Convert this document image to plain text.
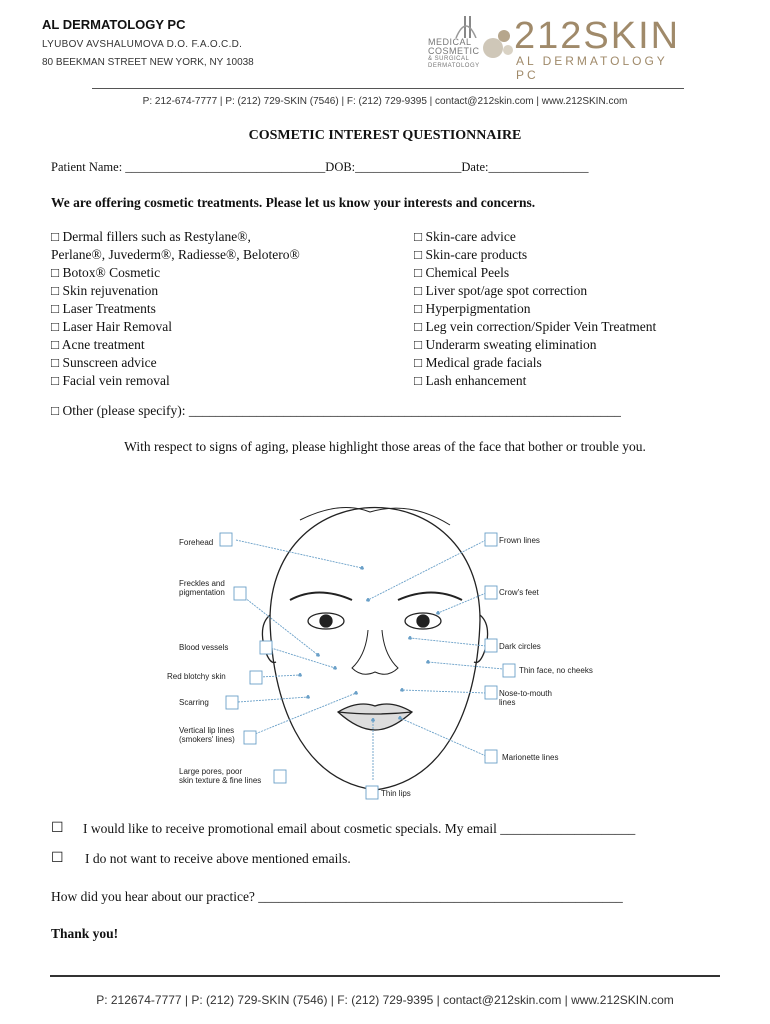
AL DERMATOLOGY PC
LYUBOV AVSHALUMOVA D.O. F.A.O.C.D.
80 BEEKMAN STREET NEW YORK, NY 10038
MEDICAL
COSMETIC
& SURGICAL
DERMATOLOGY
212SKIN
AL DERMATOLOGY PC
P: 212-674-7777 | P: (212) 729-SKIN (7546) | F: (212) 729-9395 | contact@212skin.com | www.212SKIN.com
COSMETIC INTEREST QUESTIONNAIRE
Patient Name: ________________________________DOB:_________________Date:________________
We are offering cosmetic treatments. Please let us know your interests and concerns.
□ Dermal fillers such as Restylane®,
Perlane®, Juvederm®, Radiesse®, Belotero®
□ Botox® Cosmetic
□ Skin rejuvenation
□ Laser Treatments
□ Laser Hair Removal
□ Acne treatment
□ Sunscreen advice
□ Facial vein removal
□ Skin-care advice
□ Skin-care products
□ Chemical Peels
□ Liver spot/age spot correction
□ Hyperpigmentation
□ Leg vein correction/Spider Vein Treatment
□ Underarm sweating elimination
□ Medical grade facials
□ Lash enhancement
□ Other (please specify): ________________________________________________________________
With respect to signs of aging, please highlight those areas of the face that bother or trouble you.
Forehead
Freckles and
pigmentation
Blood vessels
Red blotchy skin
Scarring
Vertical lip lines
(smokers' lines)
Large pores, poor
skin texture & fine lines
Frown lines
Crow's feet
Dark circles
Thin face, no cheeks
Nose-to-mouth
lines
Marionette lines
Thin lips
☐ I would like to receive promotional email about cosmetic specials. My email ____________________
☐ I do not want to receive above mentioned emails.
How did you hear about our practice? ______________________________________________________
Thank you!
P: 212674-7777 | P: (212) 729-SKIN (7546) | F: (212) 729-9395 | contact@212skin.com | www.212SKIN.com
